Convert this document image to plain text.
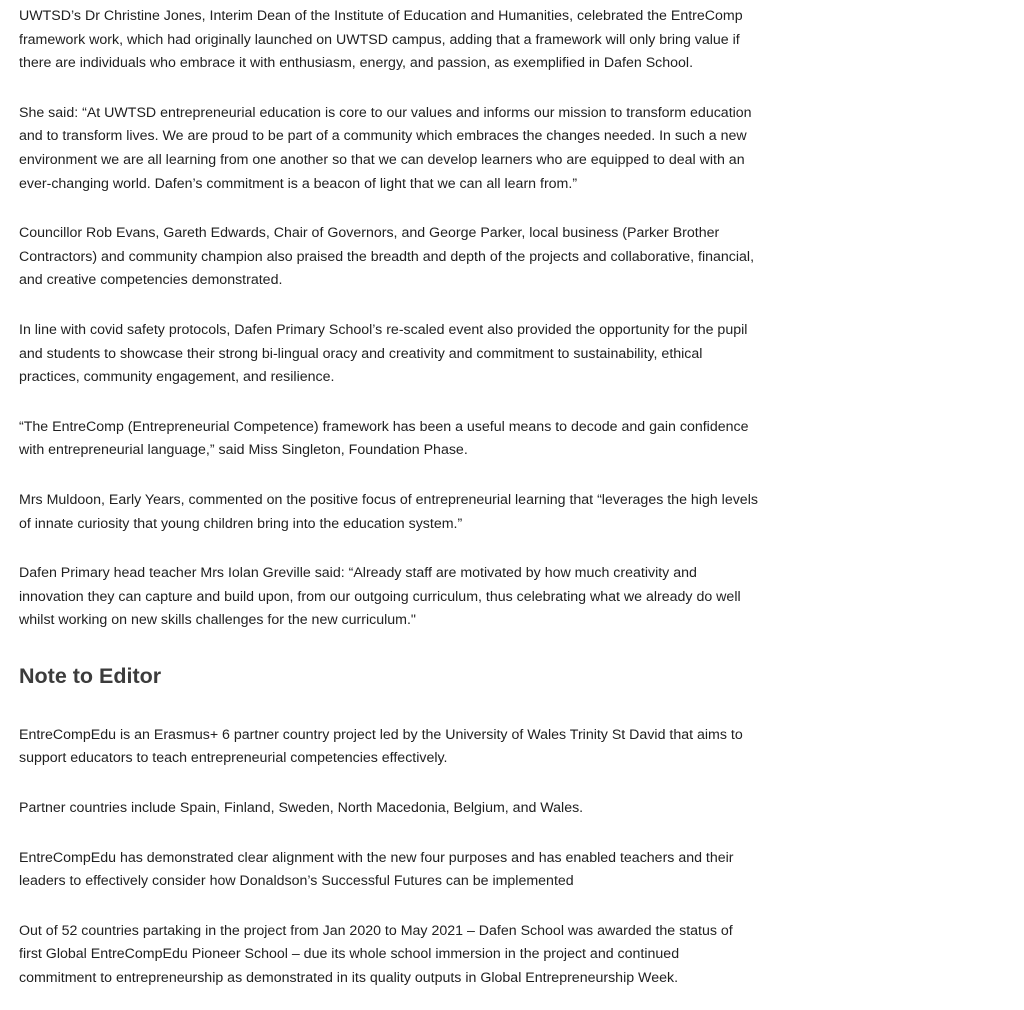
UWTSD’s Dr Christine Jones, Interim Dean of the Institute of Education and Humanities, celebrated the EntreComp framework work, which had originally launched on UWTSD campus, adding that a framework will only bring value if there are individuals who embrace it with enthusiasm, energy, and passion, as exemplified in Dafen School.

She said: “At UWTSD entrepreneurial education is core to our values and informs our mission to transform education and to transform lives. We are proud to be part of a community which embraces the changes needed. In such a new environment we are all learning from one another so that we can develop learners who are equipped to deal with an ever-changing world. Dafen’s commitment is a beacon of light that we can all learn from.”

Councillor Rob Evans, Gareth Edwards, Chair of Governors, and George Parker, local business (Parker Brother Contractors) and community champion also praised the breadth and depth of the projects and collaborative, financial, and creative competencies demonstrated.

In line with covid safety protocols, Dafen Primary School’s re-scaled event also provided the opportunity for the pupil and students to showcase their strong bi-lingual oracy and creativity and commitment to sustainability, ethical practices, community engagement, and resilience.

“The EntreComp (Entrepreneurial Competence) framework has been a useful means to decode and gain confidence with entrepreneurial language,” said Miss Singleton, Foundation Phase.

Mrs Muldoon, Early Years, commented on the positive focus of entrepreneurial learning that “leverages the high levels of innate curiosity that young children bring into the education system.”

Dafen Primary head teacher Mrs Iolan Greville said: “Already staff are motivated by how much creativity and innovation they can capture and build upon, from our outgoing curriculum, thus celebrating what we already do well whilst working on new skills challenges for the new curriculum."

Note to Editor

EntreCompEdu is an Erasmus+ 6 partner country project led by the University of Wales Trinity St David that aims to support educators to teach entrepreneurial competencies effectively.

Partner countries include Spain, Finland, Sweden, North Macedonia, Belgium, and Wales.

EntreCompEdu has demonstrated clear alignment with the new four purposes and has enabled teachers and their leaders to effectively consider how Donaldson’s Successful Futures can be implemented

Out of 52 countries partaking in the project from Jan 2020 to May 2021 – Dafen School was awarded the status of first Global EntreCompEdu Pioneer School – due its whole school immersion in the project and continued commitment to entrepreneurship as demonstrated in its quality outputs in Global Entrepreneurship Week.
